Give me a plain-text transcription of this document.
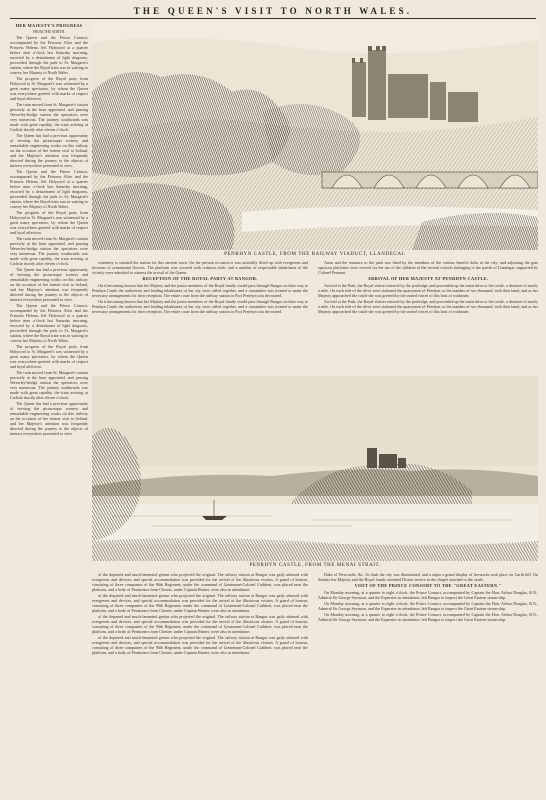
THE QUEEN'S VISIT TO NORTH WALES.
HER MAJESTY'S PROGRESS
FROM THE NORTH.

The Queen and the Prince Consort, accompanied by the Princess Alice and the Princess Helena, left Holyrood at a quarter before nine o'clock last Saturday morning, escorted by a detachment of light dragoons, proceeded through the park to St. Margaret's station, where the Royal train was in waiting to convey her Majesty to North Wales.

The progress of the Royal party from Holyrood to St. Margaret's was witnessed by a great many spectators, by whom the Queen was everywhere greeted with marks of respect and loyal affection.

The train moved from St. Margaret's station precisely at the hour appointed, and passing Waverley-bridge station the spectators were very numerous. The journey southwards was made with great rapidity, the train arriving at Carlisle shortly after eleven o'clock.

The Queen has had a previous opportunity of viewing the picturesque scenery and remarkable engineering works on this railway on the occasion of her former visit to Ireland, and her Majesty's attention was frequently directed during the journey to the objects of interest everywhere presented to view.

The Queen and the Prince Consort, accompanied by the Princess Alice and the Princess Helena, left Holyrood at a quarter before nine o'clock last Saturday morning, escorted by a detachment of light dragoons, proceeded through the park to St. Margaret's station, where the Royal train was in waiting to convey her Majesty to North Wales.

The progress of the Royal party from Holyrood to St. Margaret's was witnessed by a great many spectators, by whom the Queen was everywhere greeted with marks of respect and loyal affection.

The train moved from St. Margaret's station precisely at the hour appointed, and passing Waverley-bridge station the spectators were very numerous. The journey southwards was made with great rapidity, the train arriving at Carlisle shortly after eleven o'clock.

The Queen has had a previous opportunity of viewing the picturesque scenery and remarkable engineering works on this railway on the occasion of her former visit to Ireland, and her Majesty's attention was frequently directed during the journey to the objects of interest everywhere presented to view.

The Queen and the Prince Consort, accompanied by the Princess Alice and the Princess Helena, left Holyrood at a quarter before nine o'clock last Saturday morning, escorted by a detachment of light dragoons, proceeded through the park to St. Margaret's station, where the Royal train was in waiting to convey her Majesty to North Wales.

The progress of the Royal party from Holyrood to St. Margaret's was witnessed by a great many spectators, by whom the Queen was everywhere greeted with marks of respect and loyal affection.

The train moved from St. Margaret's station precisely at the hour appointed, and passing Waverley-bridge station the spectators were very numerous. The journey southwards was made with great rapidity, the train arriving at Carlisle shortly after eleven o'clock.

The Queen has had a previous opportunity of viewing the picturesque scenery and remarkable engineering works on this railway on the occasion of her former visit to Ireland, and her Majesty's attention was frequently directed during the journey to the objects of interest everywhere presented to view.

PENRHYN CASTLE, FROM THE RAILWAY VIADUCT, LLANDEGAI.

extremity is situated the station for this ancient town. On the present occasion it was tastefully fitted up with evergreens and festoons of ornamental flowers. The platform was covered with crimson cloth, and a number of respectable inhabitants of the vicinity were admitted to witness the arrival of the Queen.

RECEPTION OF THE ROYAL PARTY AT BANGOR.

On it becoming known that her Majesty and the junior members of the Royal family would pass through Bangor on their way to Penrhyn Castle the authorities and leading inhabitants of the city were called together, and a committee was formed to make the necessary arrangements for their reception. The entire route from the railway station to Port Penrhyn was decorated.

On it becoming known that her Majesty and the junior members of the Royal family would pass through Bangor on their way to Penrhyn Castle the authorities and leading inhabitants of the city were called together, and a committee was formed to make the necessary arrangements for their reception. The entire route from the railway station to Port Penrhyn was decorated.

Arms and the entrance to the park was lined by the members of the various benefit clubs in the city; and adjoining the gate spacious platforms were erected for the use of the children of the several schools belonging to the parish of Llandegai, supported by Colonel Pennant.

ARRIVAL OF HER MAJESTY AT PENRHYN CASTLE.

Arrived at the Park, the Royal visitors entered by the portlodge, and proceeded up the main drive to the castle, a distance of nearly a mile. On each side of the drive were stationed the quarrymen of Penrhyn, to the number of two thousand, with their band, and as her Majesty approached the castle she was greeted by the united voices of this host of workmen.

Arrived at the Park, the Royal visitors entered by the portlodge, and proceeded up the main drive to the castle, a distance of nearly a mile. On each side of the drive were stationed the quarrymen of Penrhyn, to the number of two thousand, with their band, and as her Majesty approached the castle she was greeted by the united voices of this host of workmen.

PENRHYN CASTLE, FROM THE MENAI STRAIT.

of the departed and much-lamented genius who projected the original. The railway station at Bangor was gaily adorned with evergreens and devices, and special accommodation was provided for the arrival of the illustrious visitors. A guard of honour, consisting of three companies of the 96th Regiment, under the command of Lieutenant-Colonel Cuthbert, was placed near the platform, and a body of Pensioners from Chester, under Captain Hunter, were also in attendance.

of the departed and much-lamented genius who projected the original. The railway station at Bangor was gaily adorned with evergreens and devices, and special accommodation was provided for the arrival of the illustrious visitors. A guard of honour, consisting of three companies of the 96th Regiment, under the command of Lieutenant-Colonel Cuthbert, was placed near the platform, and a body of Pensioners from Chester, under Captain Hunter, were also in attendance.

of the departed and much-lamented genius who projected the original. The railway station at Bangor was gaily adorned with evergreens and devices, and special accommodation was provided for the arrival of the illustrious visitors. A guard of honour, consisting of three companies of the 96th Regiment, under the command of Lieutenant-Colonel Cuthbert, was placed near the platform, and a body of Pensioners from Chester, under Captain Hunter, were also in attendance.

of the departed and much-lamented genius who projected the original. The railway station at Bangor was gaily adorned with evergreens and devices, and special accommodation was provided for the arrival of the illustrious visitors. A guard of honour, consisting of three companies of the 96th Regiment, under the command of Lieutenant-Colonel Cuthbert, was placed near the platform, and a body of Pensioners from Chester, under Captain Hunter, were also in attendance.

Dake of Newcastle, &c. At dusk the city was illuminated, and a night a grand display of fireworks took place on Garth hill. On Sunday her Majesty and the Royal family attended Divine service in the chapel attached to the castle.

VISIT OF THE PRINCE CONSORT TO THE "GREAT EASTERN."

On Monday morning, at a quarter to eight o'clock, the Prince Consort, accompanied by Captain the Hon. Arthur Douglas, R.N., Admiral Sir George Seymour, and the Equerries in attendance, left Bangor to inspect the Great Eastern steam-ship.

On Monday morning, at a quarter to eight o'clock, the Prince Consort, accompanied by Captain the Hon. Arthur Douglas, R.N., Admiral Sir George Seymour, and the Equerries in attendance, left Bangor to inspect the Great Eastern steam-ship.

On Monday morning, at a quarter to eight o'clock, the Prince Consort, accompanied by Captain the Hon. Arthur Douglas, R.N., Admiral Sir George Seymour, and the Equerries in attendance, left Bangor to inspect the Great Eastern steam-ship.
